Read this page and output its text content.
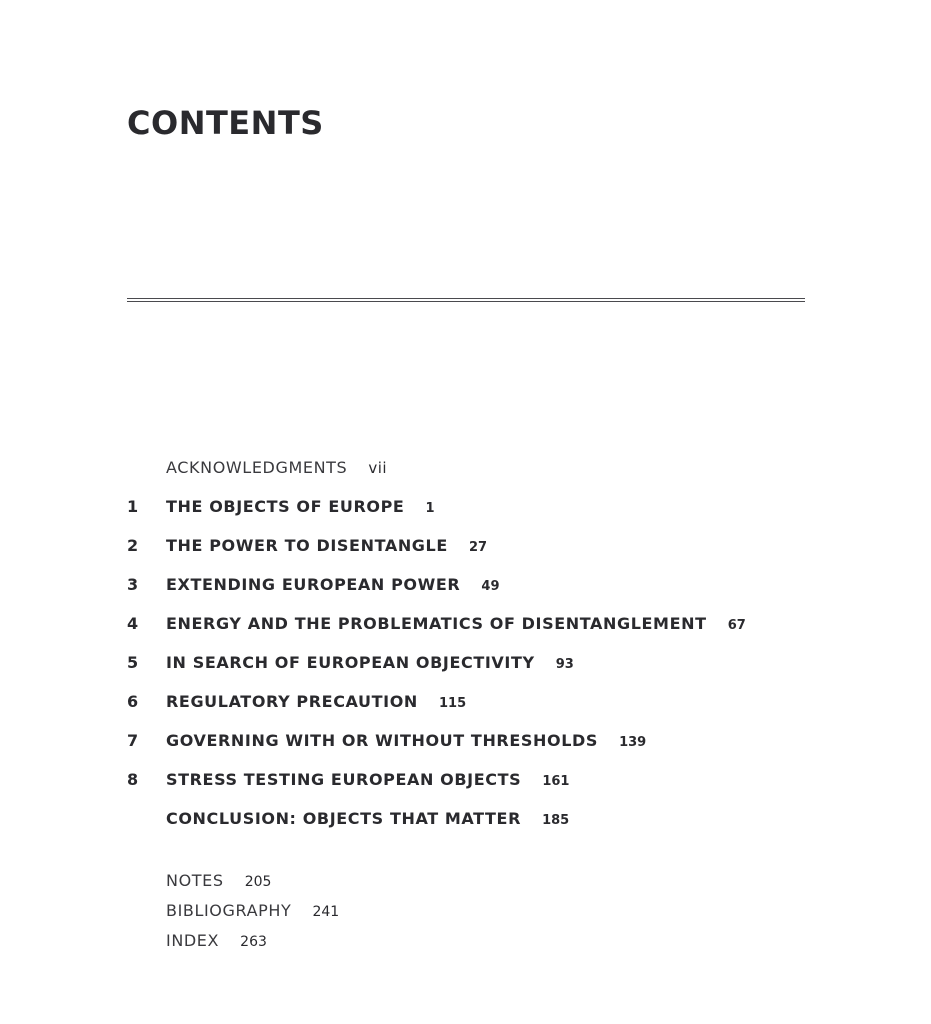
CONTENTS
ACKNOWLEDGMENTS vii
1 THE OBJECTS OF EUROPE 1
2 THE POWER TO DISENTANGLE 27
3 EXTENDING EUROPEAN POWER 49
4 ENERGY AND THE PROBLEMATICS OF DISENTANGLEMENT 67
5 IN SEARCH OF EUROPEAN OBJECTIVITY 93
6 REGULATORY PRECAUTION 115
7 GOVERNING WITH OR WITHOUT THRESHOLDS 139
8 STRESS TESTING EUROPEAN OBJECTS 161
CONCLUSION: OBJECTS THAT MATTER 185
NOTES 205
BIBLIOGRAPHY 241
INDEX 263
